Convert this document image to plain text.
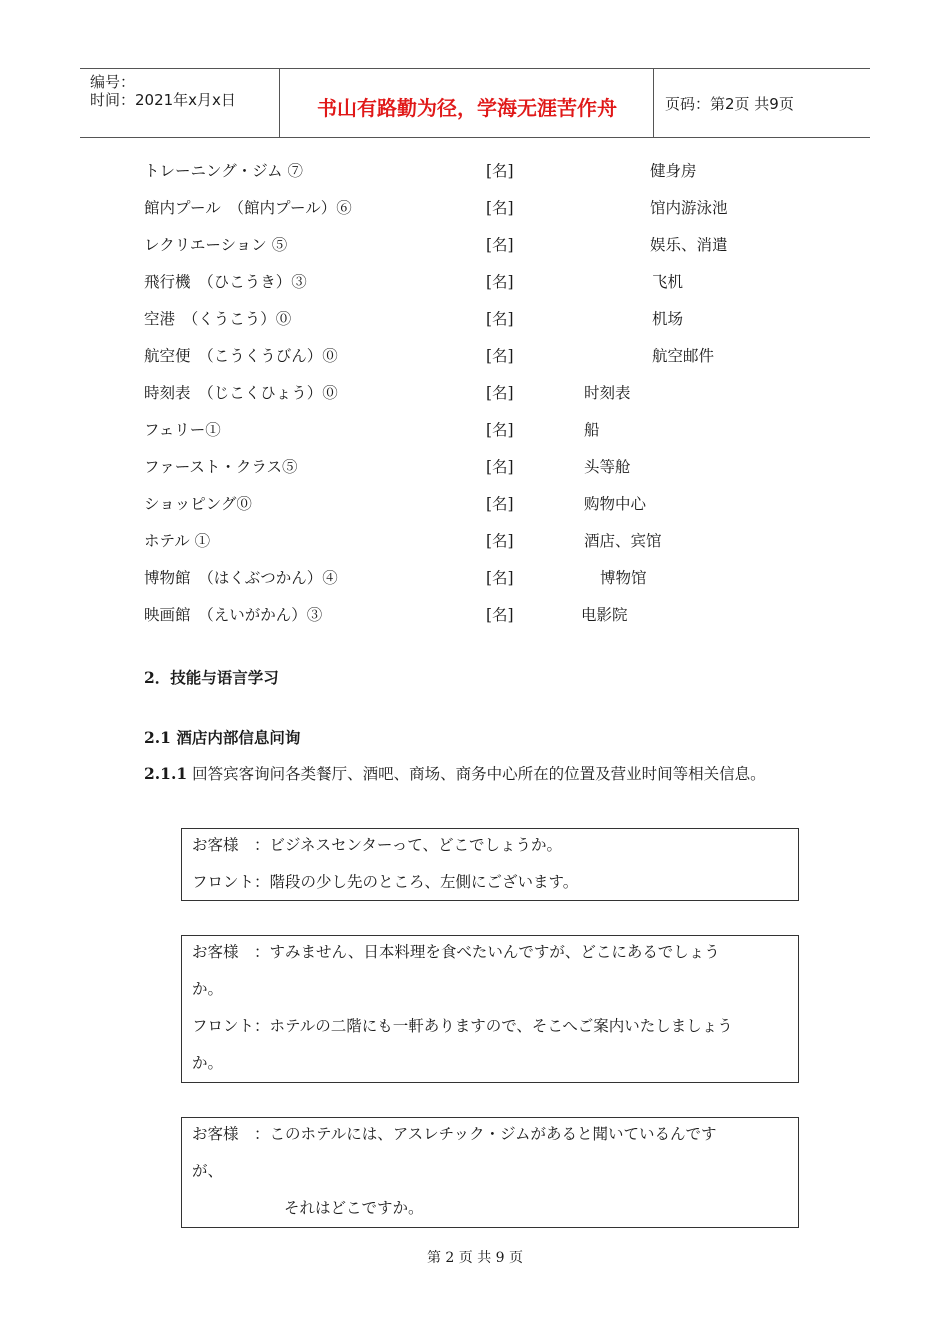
编号：
时间：2021年x月x日	书山有路勤为径，学海无涯苦作舟	页码：第2页 共9页
トレーニング・ジム ⑦	[名]	健身房
館内プール　（館内プール）⑥	[名]	馆内游泳池
レクリエーション ⑤	[名]	娱乐、消遣
飛行機　（ひこうき）③	[名]	飞机
空港　（くうこう）⓪	[名]	机场
航空便　（こうくうびん）⓪	[名]	航空邮件
時刻表　（じこくひょう）⓪	[名]	时刻表
フェリー①	[名]	船
ファースト・クラス⑤	[名]	头等舱
ショッピング⓪	[名]	购物中心
ホテル ①	[名]	酒店、宾馆
博物館　（はくぶつかん）④	[名]	博物馆
映画館　（えいがかん）③	[名]	电影院
2．技能与语言学习
2.1 酒店内部信息问询
2.1.1 回答宾客询问各类餐厅、酒吧、商场、商务中心所在的位置及营业时间等相关信息。
お客様　：ビジネスセンターって、どこでしょうか。
フロント：階段の少し先のところ、左側にございます。
お客様　：すみません、日本料理を食べたいんですが、どこにあるでしょう
か。
フロント：ホテルの二階にも一軒ありますので、そこへご案内いたしましょう
か。
お客様　：このホテルには、アスレチック・ジムがあると聞いているんです
が、
それはどこですか。
第 2 页 共 9 页
